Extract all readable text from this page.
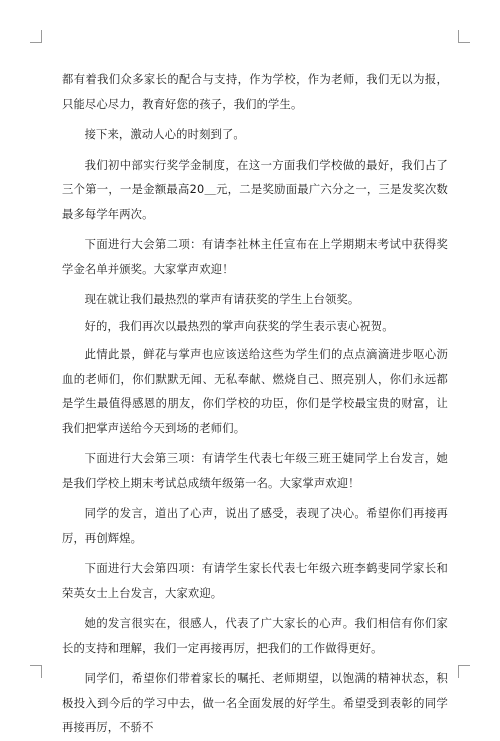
都有着我们众多家长的配合与支持，作为学校，作为老师，我们无以为报，只能尽心尽力，教育好您的孩子，我们的学生。

接下来，激动人心的时刻到了。

我们初中部实行奖学金制度，在这一方面我们学校做的最好，我们占了三个第一，一是金额最高20＿元，二是奖励面最广六分之一，三是发奖次数最多每学年两次。

下面进行大会第二项：有请李社林主任宣布在上学期期末考试中获得奖学金名单并颁奖。大家掌声欢迎！

现在就让我们最热烈的掌声有请获奖的学生上台领奖。

好的，我们再次以最热烈的掌声向获奖的学生表示衷心祝贺。

此情此景，鲜花与掌声也应该送给这些为学生们的点点滴滴进步呕心沥血的老师们，你们默默无闻、无私奉献、燃烧自己、照亮别人，你们永远都是学生最值得感恩的朋友，你们学校的功臣，你们是学校最宝贵的财富，让我们把掌声送给今天到场的老师们。

下面进行大会第三项：有请学生代表七年级三班王婕同学上台发言，她是我们学校上期末考试总成绩年级第一名。大家掌声欢迎！

同学的发言，道出了心声，说出了感受，表现了决心。希望你们再接再厉，再创辉煌。

下面进行大会第四项：有请学生家长代表七年级六班李鹤斐同学家长和荣英女士上台发言，大家欢迎。

她的发言很实在，很感人，代表了广大家长的心声。我们相信有你们家长的支持和理解，我们一定再接再厉，把我们的工作做得更好。

同学们，希望你们带着家长的嘱托、老师期望，以饱满的精神状态，积极投入到今后的学习中去，做一名全面发展的好学生。希望受到表彰的同学再接再厉，不骄不
